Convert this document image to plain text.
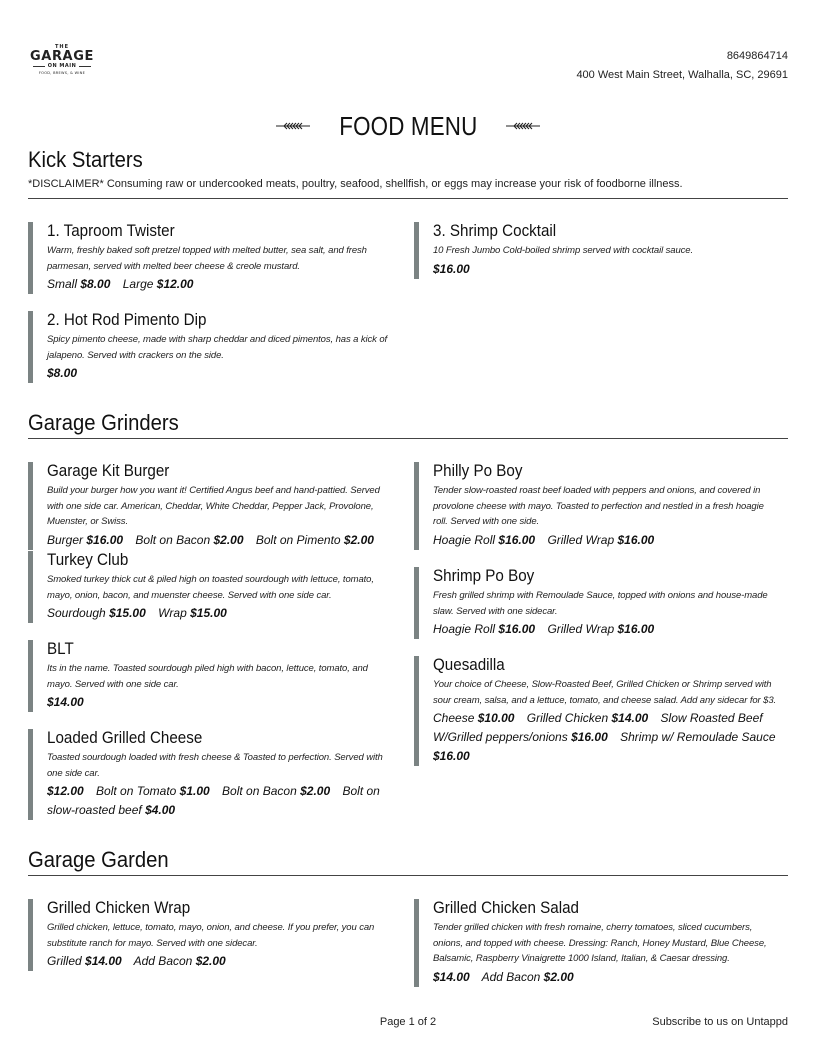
THE
GARAGE
ON MAIN
FOOD, BREWS, & WINE
8649864714
400 West Main Street, Walhalla, SC, 29691
FOOD MENU
Kick Starters
*DISCLAIMER* Consuming raw or undercooked meats, poultry, seafood, shellfish, or eggs may increase your risk of foodborne illness.
1. Taproom Twister
Warm, freshly baked soft pretzel topped with melted butter, sea salt, and fresh parmesan, served with melted beer cheese & creole mustard.
Small $8.00 Large $12.00
2. Hot Rod Pimento Dip
Spicy pimento cheese, made with sharp cheddar and diced pimentos, has a kick of jalapeno. Served with crackers on the side.
$8.00
3. Shrimp Cocktail
10 Fresh Jumbo Cold-boiled shrimp served with cocktail sauce.
$16.00
Garage Grinders
Garage Kit Burger
Build your burger how you want it! Certified Angus beef and hand-pattied. Served with one side car. American, Cheddar, White Cheddar, Pepper Jack, Provolone, Muenster, or Swiss.
Burger $16.00 Bolt on Bacon $2.00 Bolt on Pimento $2.00
Turkey Club
Smoked turkey thick cut & piled high on toasted sourdough with lettuce, tomato, mayo, onion, bacon, and muenster cheese. Served with one side car.
Sourdough $15.00 Wrap $15.00
BLT
Its in the name. Toasted sourdough piled high with bacon, lettuce, tomato, and mayo. Served with one side car.
$14.00
Loaded Grilled Cheese
Toasted sourdough loaded with fresh cheese & Toasted to perfection. Served with one side car.
$12.00 Bolt on Tomato $1.00 Bolt on Bacon $2.00 Bolt on slow-roasted beef $4.00
Philly Po Boy
Tender slow-roasted roast beef loaded with peppers and onions, and covered in provolone cheese with mayo. Toasted to perfection and nestled in a fresh hoagie roll. Served with one side.
Hoagie Roll $16.00 Grilled Wrap $16.00
Shrimp Po Boy
Fresh grilled shrimp with Remoulade Sauce, topped with onions and house-made slaw. Served with one sidecar.
Hoagie Roll $16.00 Grilled Wrap $16.00
Quesadilla
Your choice of Cheese, Slow-Roasted Beef, Grilled Chicken or Shrimp served with sour cream, salsa, and a lettuce, tomato, and cheese salad. Add any sidecar for $3.
Cheese $10.00 Grilled Chicken $14.00 Slow Roasted Beef W/Grilled peppers/onions $16.00 Shrimp w/ Remoulade Sauce $16.00
Garage Garden
Grilled Chicken Wrap
Grilled chicken, lettuce, tomato, mayo, onion, and cheese. If you prefer, you can substitute ranch for mayo. Served with one sidecar.
Grilled $14.00 Add Bacon $2.00
Grilled Chicken Salad
Tender grilled chicken with fresh romaine, cherry tomatoes, sliced cucumbers, onions, and topped with cheese. Dressing: Ranch, Honey Mustard, Blue Cheese, Balsamic, Raspberry Vinaigrette 1000 Island, Italian, & Caesar dressing.
$14.00 Add Bacon $2.00
Page 1 of 2	Subscribe to us on Untappd
